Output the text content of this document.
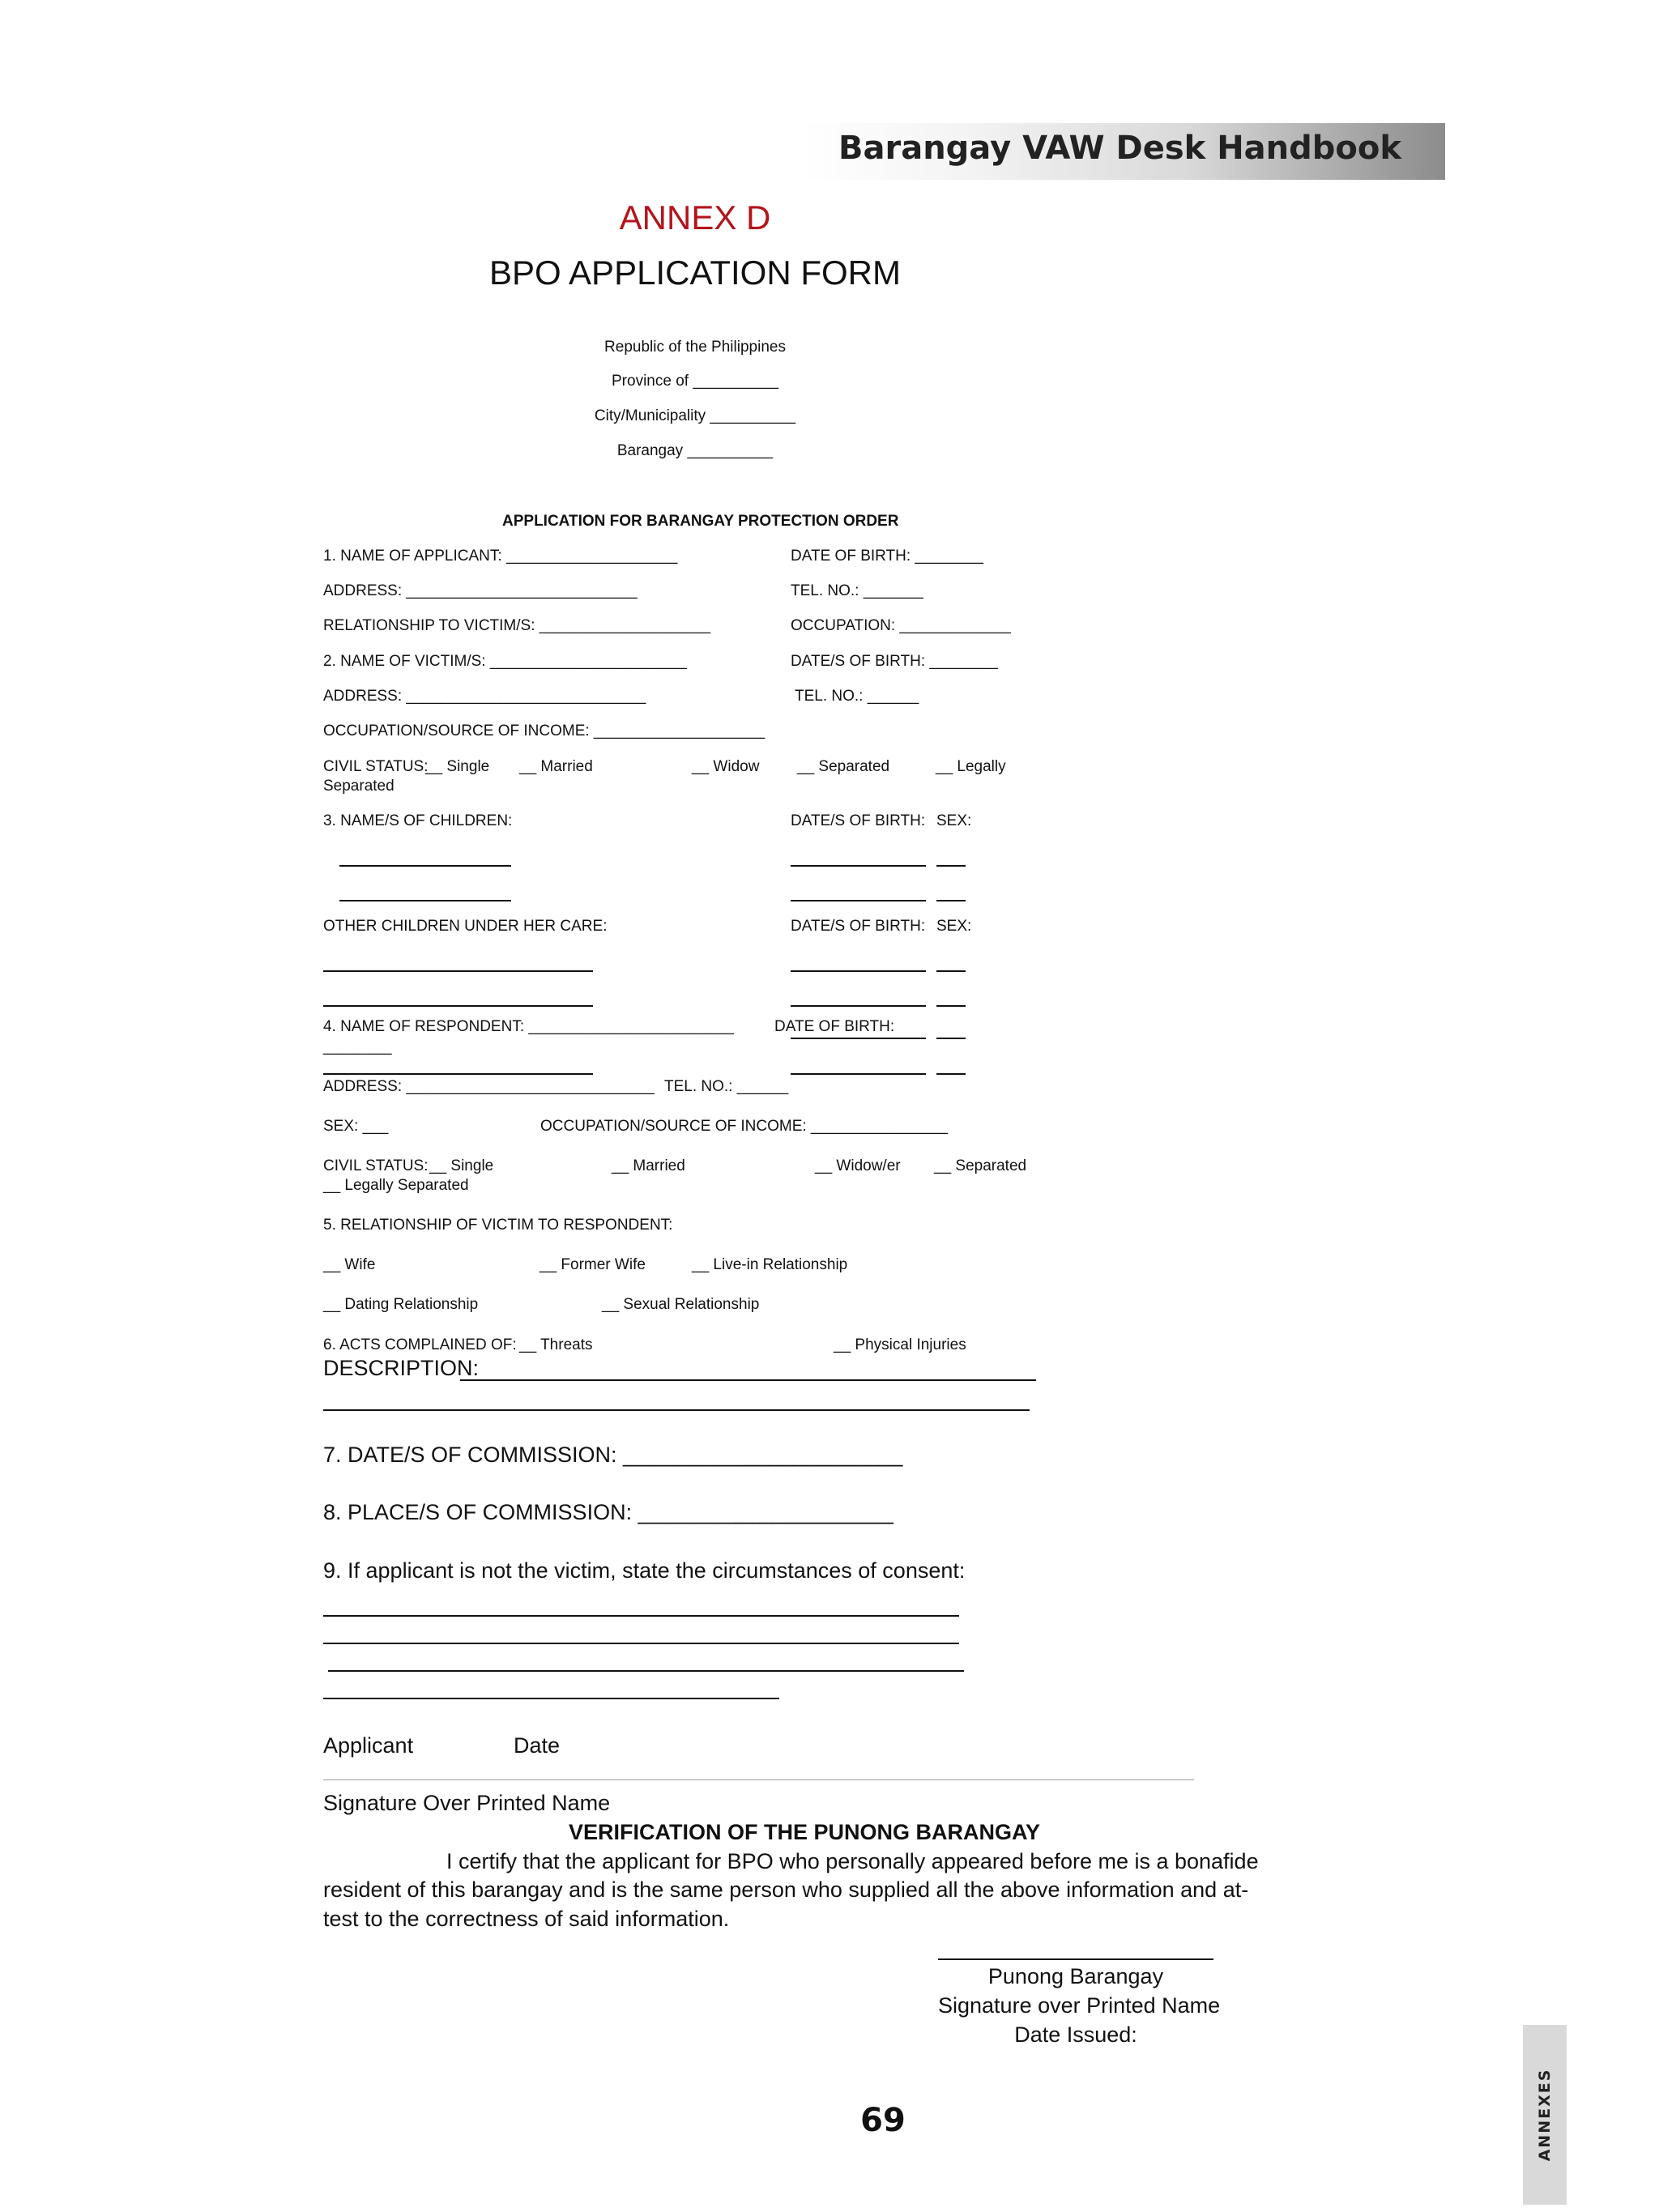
Barangay VAW Desk Handbook
ANNEX D
BPO APPLICATION FORM
Republic of the Philippines
Province of __________
City/Municipality __________
Barangay __________
APPLICATION FOR BARANGAY PROTECTION ORDER
1. NAME OF APPLICANT: ____________________	DATE OF BIRTH: ________
ADDRESS: ___________________________	TEL. NO.: _______
RELATIONSHIP TO VICTIM/S: ____________________	OCCUPATION: _____________
2. NAME OF VICTIM/S: _______________________	DATE/S OF BIRTH: ________
ADDRESS: ____________________________	TEL. NO.: ______
OCCUPATION/SOURCE OF INCOME: ____________________
CIVIL STATUS:
__ Single __ Married	__ Widow __ Separated	__ Legally
Separated
3. NAME/S OF CHILDREN:	DATE/S OF BIRTH: SEX:
OTHER CHILDREN UNDER HER CARE:	DATE/S OF BIRTH: SEX:
4. NAME OF RESPONDENT: ________________________	DATE OF BIRTH:
________
ADDRESS: _____________________________ TEL. NO.: ______
SEX: ___	OCCUPATION/SOURCE OF INCOME: ________________
CIVIL STATUS: __ Single	__ Married	__ Widow/er __ Separated
__ Legally Separated
5. RELATIONSHIP OF VICTIM TO RESPONDENT:
__ Wife	__ Former Wife	__ Live-in Relationship
__ Dating Relationship	__ Sexual Relationship
6. ACTS COMPLAINED OF: __ Threats	__ Physical Injuries
DESCRIPTION:
7. DATE/S OF COMMISSION: _______________________
8. PLACE/S OF COMMISSION: _____________________
9. If applicant is not the victim, state the circumstances of consent:
Applicant	Date
Signature Over Printed Name
VERIFICATION OF THE PUNONG BARANGAY
I certify that the applicant for BPO who personally appeared before me is a bonafide
resident of this barangay and is the same person who supplied all the above information and at-
test to the correctness of said information.
Punong Barangay
Signature over Printed Name
Date Issued:
69	ANNEXES
